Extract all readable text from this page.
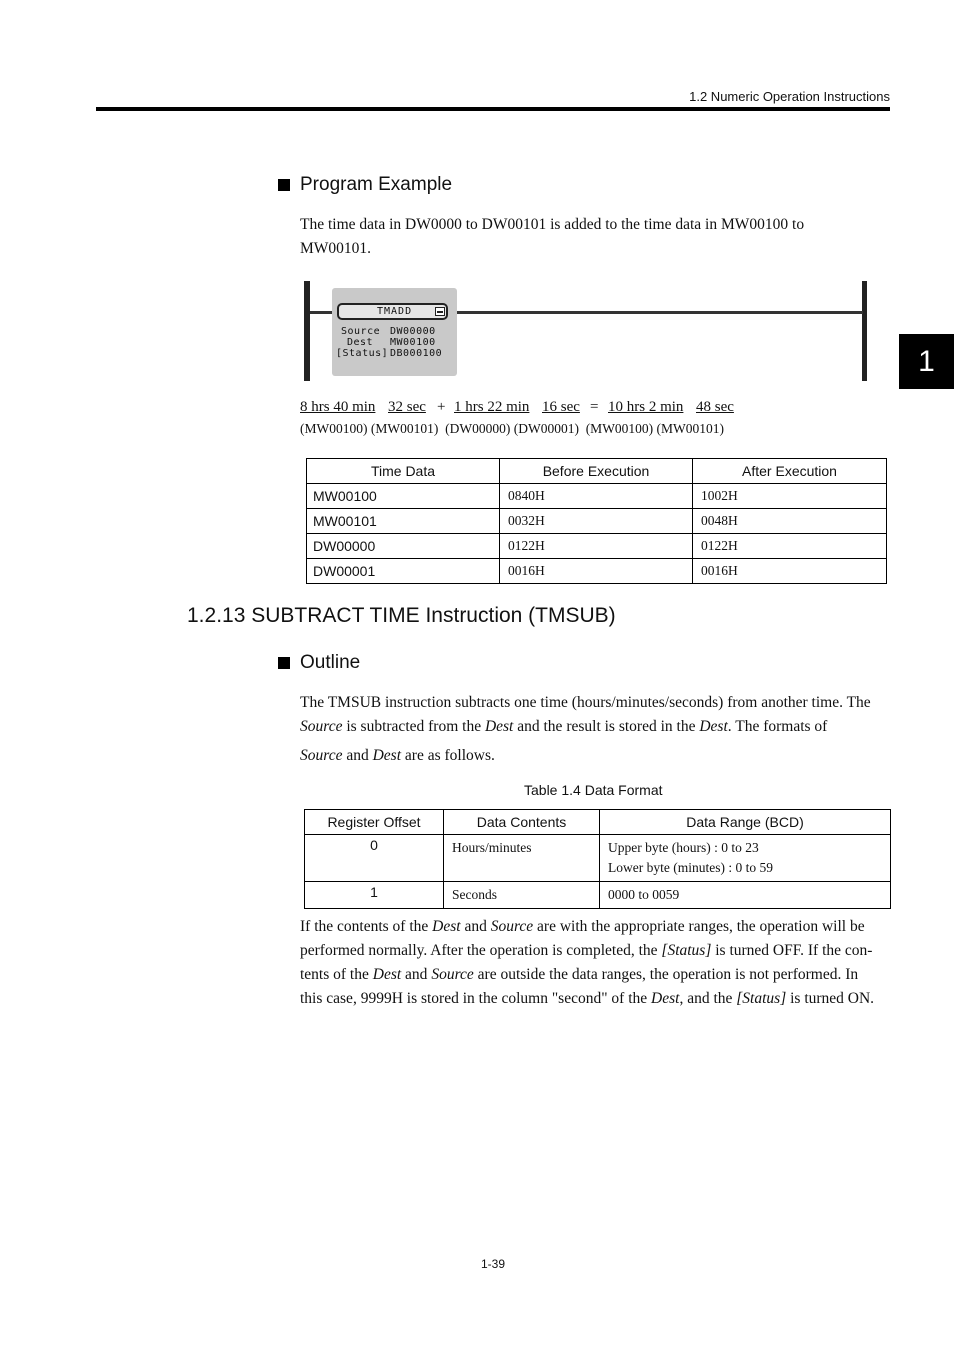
1.2 Numeric Operation Instructions
1
Program Example
The time data in DW0000 to DW00101 is added to the time data in MW00100 to MW00101.
TMADD
Source DW00000
Dest MW00100
[Status] DB000100
8 hrs 40 min 32 sec + 1 hrs 22 min 16 sec = 10 hrs 2 min 48 sec
(MW00100) (MW00101)  (DW00000) (DW00001)  (MW00100) (MW00101)
Time Data	Before Execution	After Execution
MW00100	0840H	1002H
MW00101	0032H	0048H
DW00000	0122H	0122H
DW00001	0016H	0016H
1.2.13 SUBTRACT TIME Instruction (TMSUB)
Outline
The TMSUB instruction subtracts one time (hours/minutes/seconds) from another time. The
Source is subtracted from the Dest and the result is stored in the Dest. The formats of
Source and Dest are as follows.
Table 1.4 Data Format
Register Offset	Data Contents	Data Range (BCD)
0	Hours/minutes	Upper byte (hours) : 0 to 23
Lower byte (minutes) : 0 to 59

1	Seconds	0000 to 0059
If the contents of the Dest and Source are with the appropriate ranges, the operation will be
performed normally. After the operation is completed, the [Status] is turned OFF. If the con-
tents of the Dest and Source are outside the data ranges, the operation is not performed. In
this case, 9999H is stored in the column "second" of the Dest, and the [Status] is turned ON.
1-39
